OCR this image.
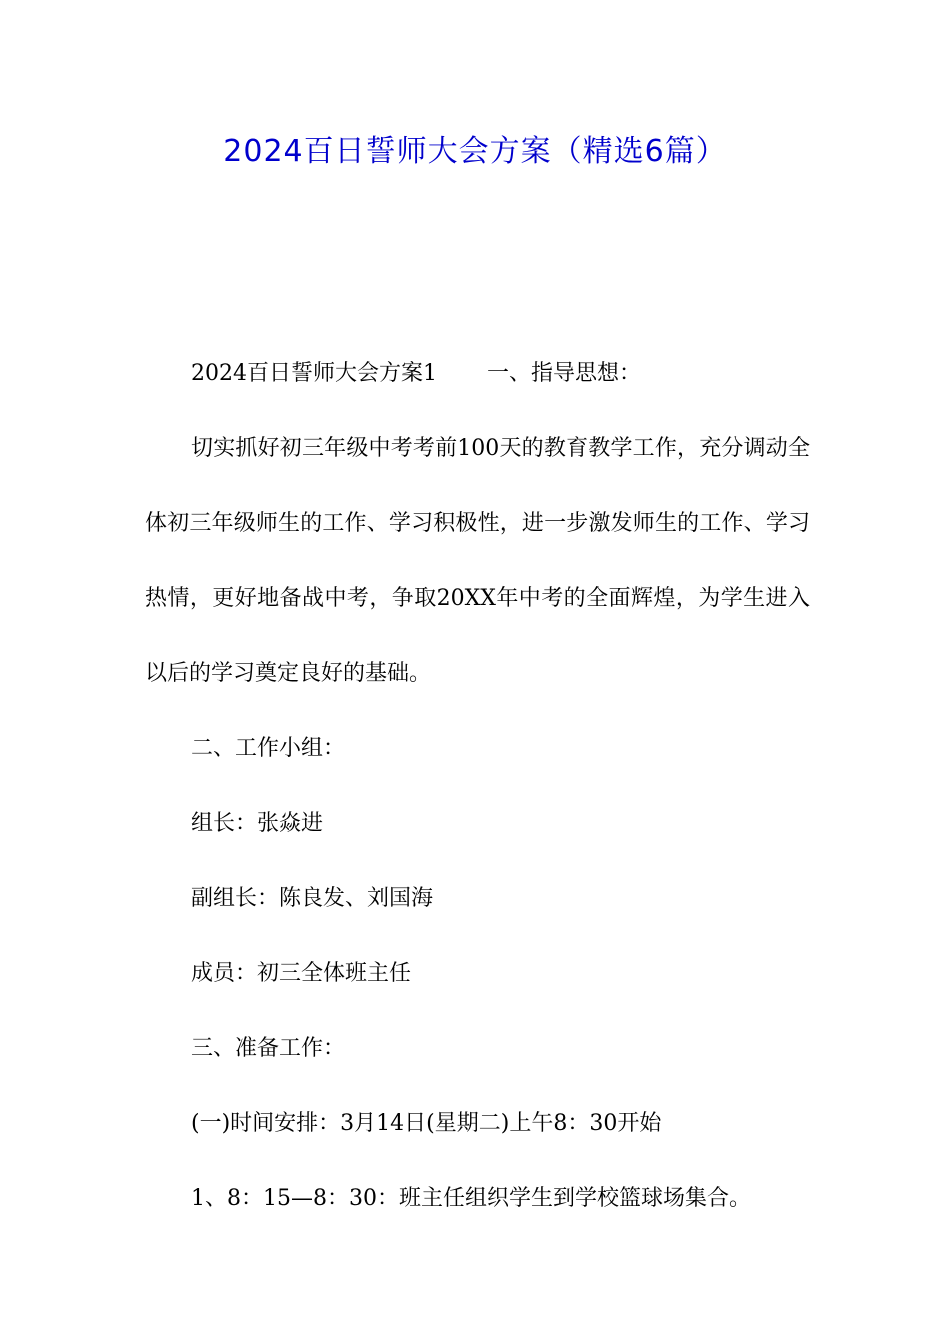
2024百日誓师大会方案（精选6篇）

2024百日誓师大会方案1 一、指导思想：

切实抓好初三年级中考考前100天的教育教学工作，充分调动全体初三年级师生的工作、学习积极性，进一步激发师生的工作、学习热情，更好地备战中考，争取20XX年中考的全面辉煌，为学生进入以后的学习奠定良好的基础。

二、工作小组：

组长：张焱进

副组长：陈良发、刘国海

成员：初三全体班主任

三、准备工作：

(一)时间安排：3月14日(星期二)上午8：30开始

1、8：15—8：30：班主任组织学生到学校篮球场集合。
